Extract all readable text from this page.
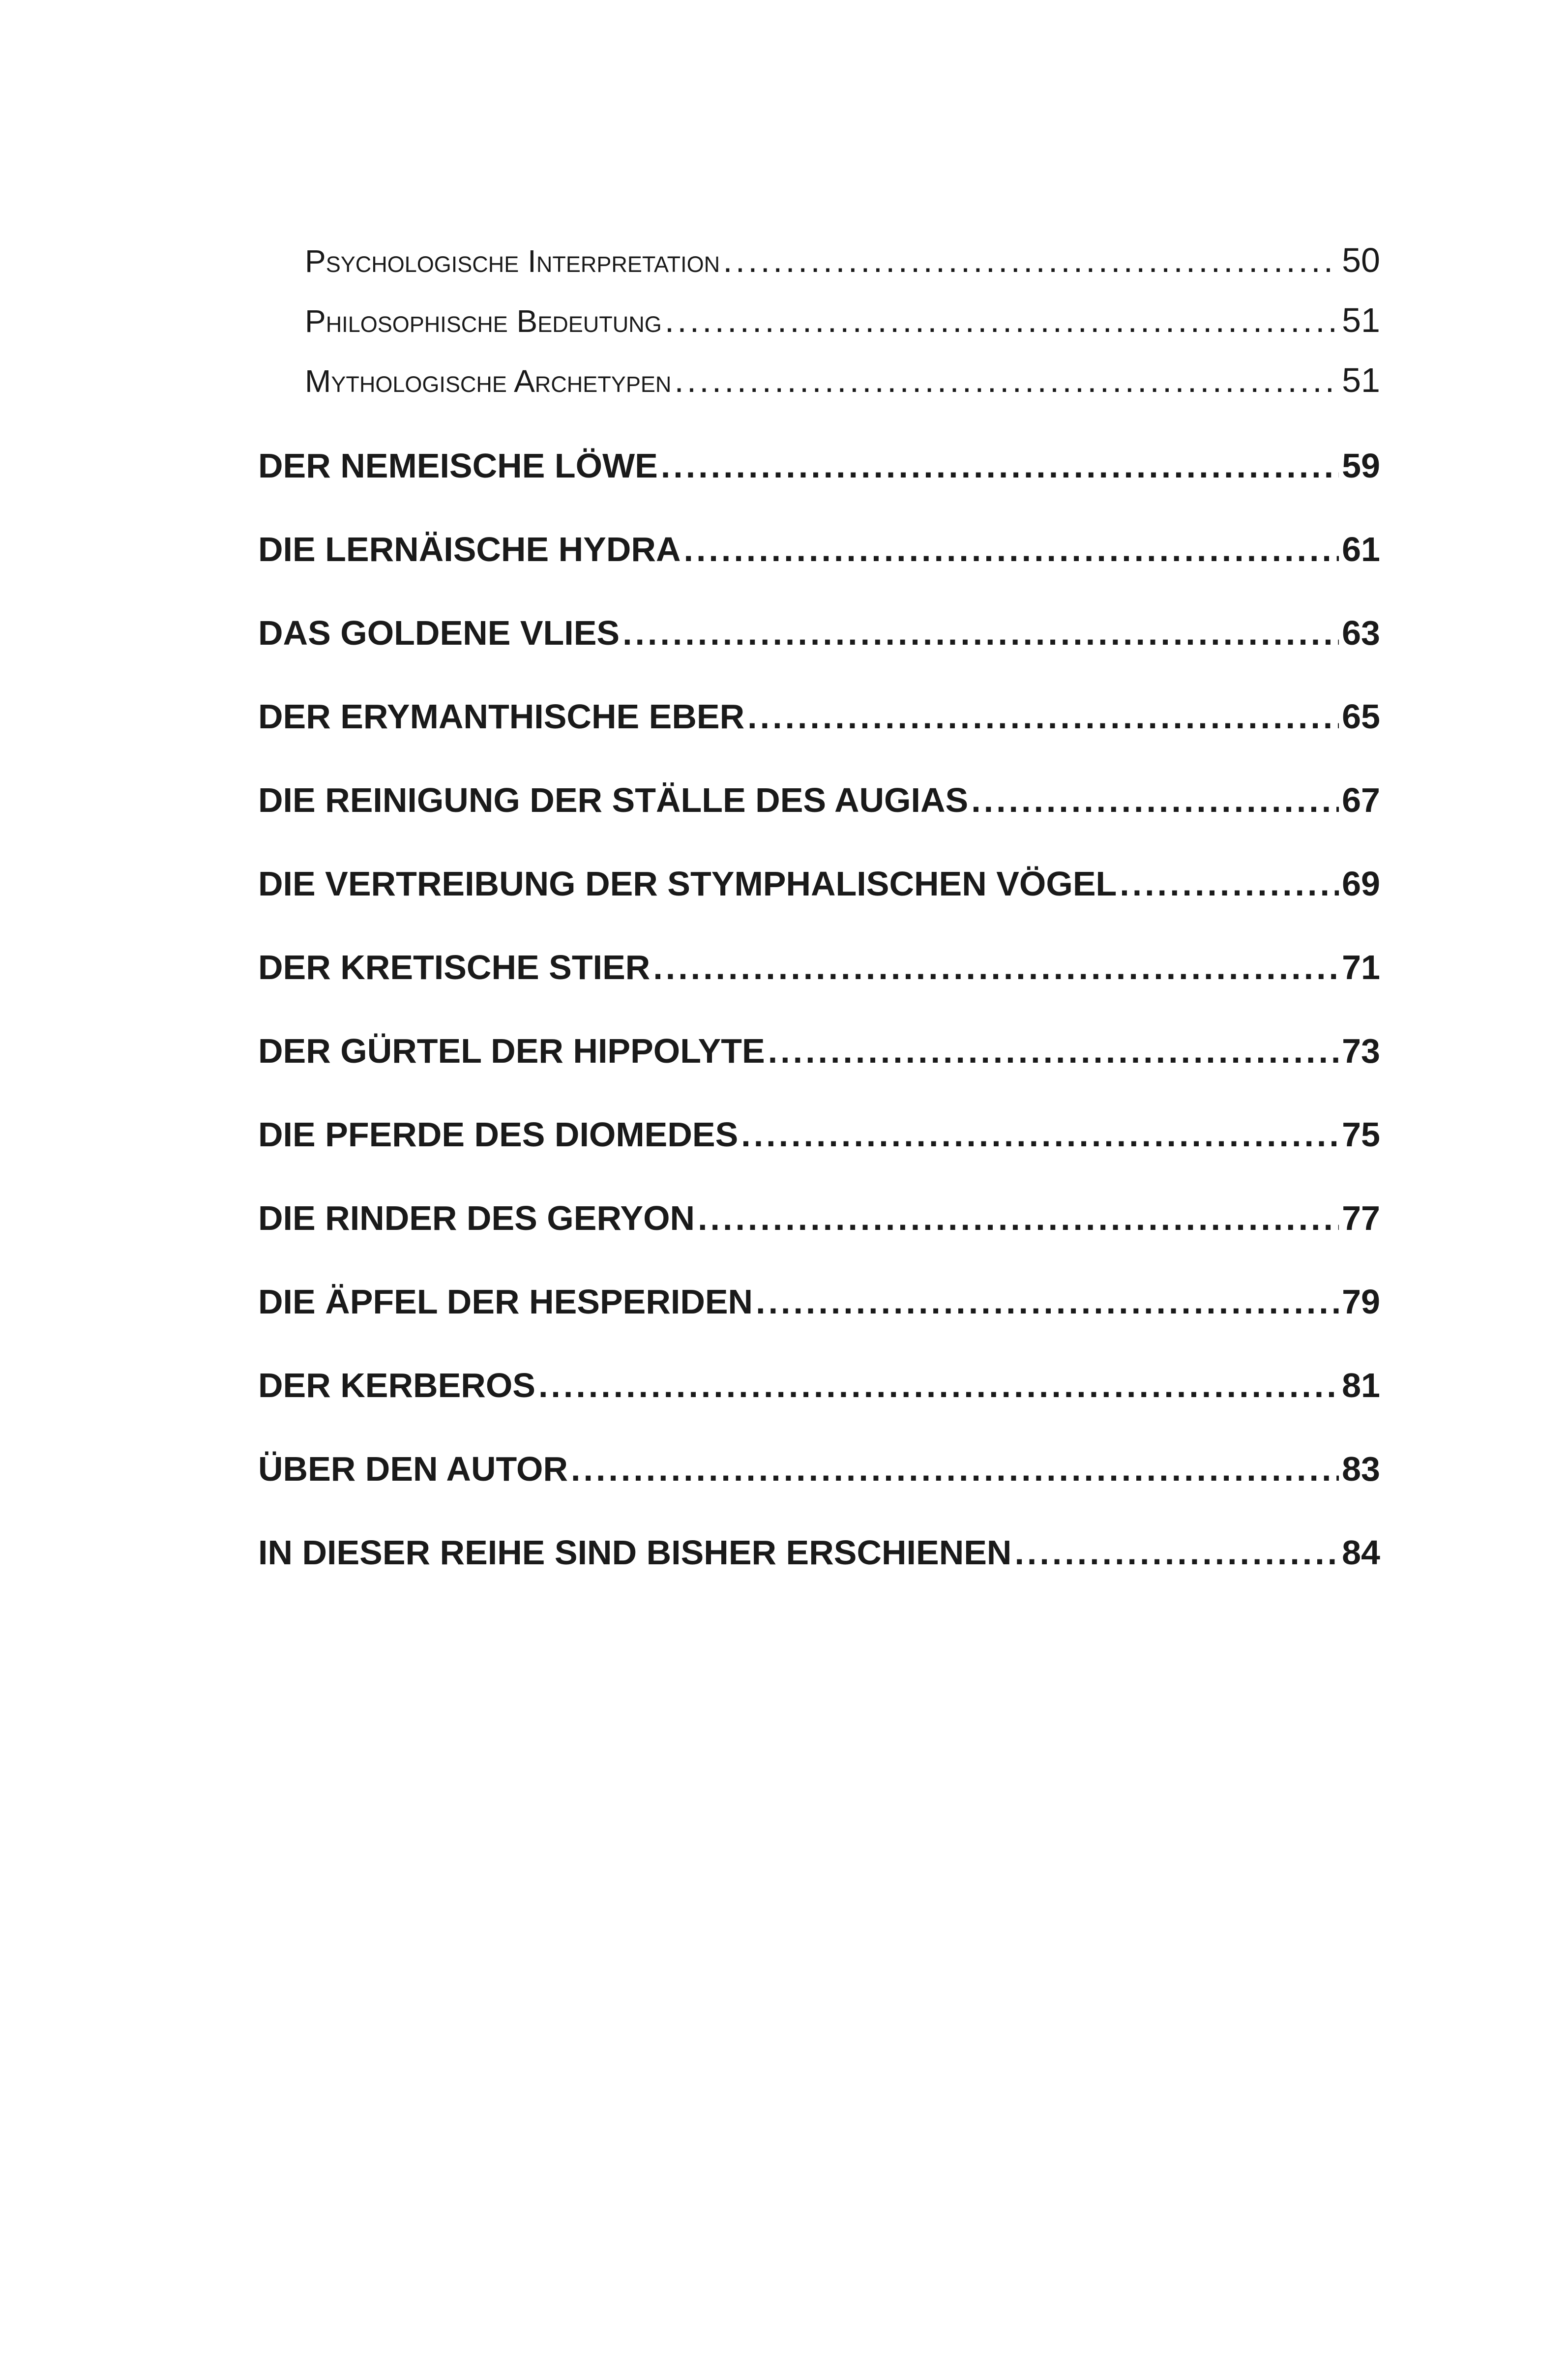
Psychologische Interpretation .....	50
Philosophische Bedeutung .....	51
Mythologische Archetypen .....	51
DER NEMEISCHE LÖWE .....	59
DIE LERNÄISCHE HYDRA .....	61
DAS GOLDENE VLIES .....	63
DER ERYMANTHISCHE EBER .....	65
DIE REINIGUNG DER STÄLLE DES AUGIAS .....	67
DIE VERTREIBUNG DER STYMPHALISCHEN VÖGEL .....	69
DER KRETISCHE STIER .....	71
DER GÜRTEL DER HIPPOLYTE .....	73
DIE PFERDE DES DIOMEDES .....	75
DIE RINDER DES GERYON .....	77
DIE ÄPFEL DER HESPERIDEN .....	79
DER KERBEROS .....	81
ÜBER DEN AUTOR .....	83
IN DIESER REIHE SIND BISHER ERSCHIENEN .....	84
